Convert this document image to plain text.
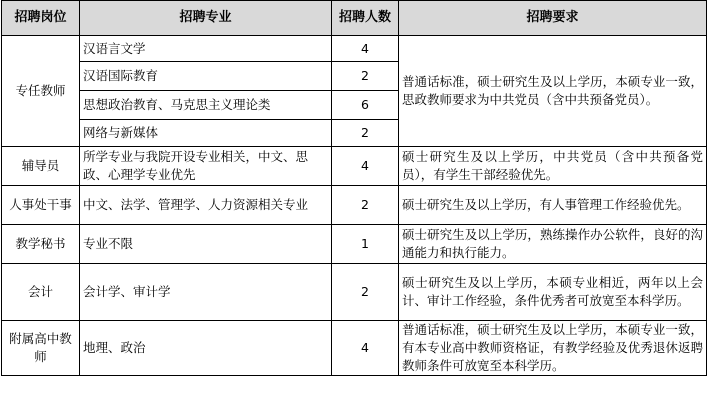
招聘岗位	招聘专业	招聘人数	招聘要求
专任教师	汉语言文学	4	普通话标准，硕士研究生及以上学历，本硕专业一致，思政教师要求为中共党员（含中共预备党员）。
	汉语国际教育	2	
	思想政治教育、马克思主义理论类	6	
	网络与新媒体	2	
辅导员	所学专业与我院开设专业相关，中文、思政、心理学专业优先	4	硕士研究生及以上学历，中共党员（含中共预备党员），有学生干部经验优先。
人事处干事	中文、法学、管理学、人力资源相关专业	2	硕士研究生及以上学历，有人事管理工作经验优先。
教学秘书	专业不限	1	硕士研究生及以上学历，熟练操作办公软件，良好的沟通能力和执行能力。
会计	会计学、审计学	2	硕士研究生及以上学历，本硕专业相近，两年以上会计、审计工作经验，条件优秀者可放宽至本科学历。
附属高中教师	地理、政治	4	普通话标准，硕士研究生及以上学历，本硕专业一致，有本专业高中教师资格证，有教学经验及优秀退休返聘教师条件可放宽至本科学历。
